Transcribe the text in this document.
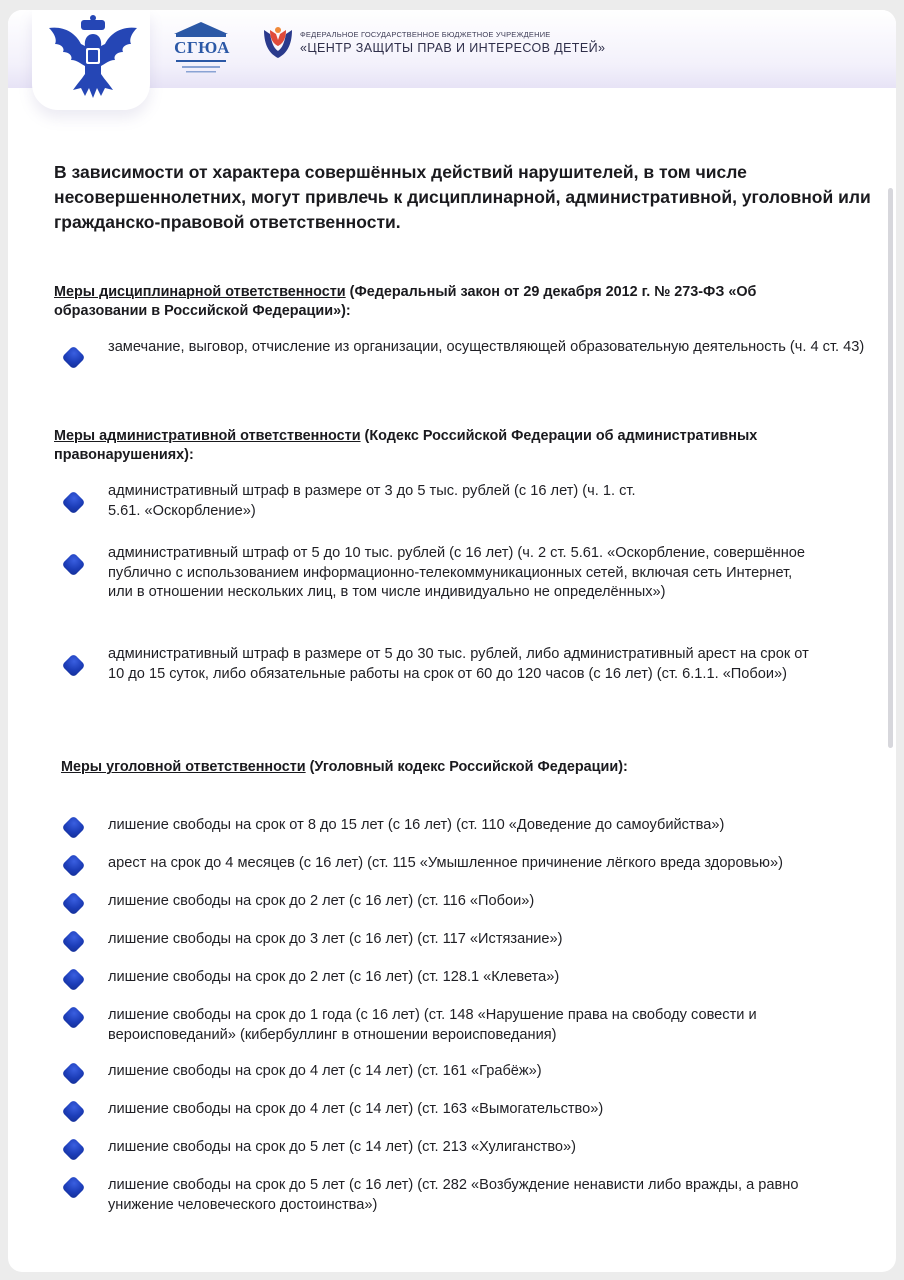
СГЮА
ФЕДЕРАЛЬНОЕ ГОСУДАРСТВЕННОЕ БЮДЖЕТНОЕ УЧРЕЖДЕНИЕ
«ЦЕНТР ЗАЩИТЫ ПРАВ И ИНТЕРЕСОВ ДЕТЕЙ»
В зависимости от характера совершённых действий нарушителей, в том числе несовершеннолетних, могут привлечь к дисциплинарной, административной, уголовной или гражданско-правовой ответственности.
Меры дисциплинарной ответственности (Федеральный закон от 29 декабря 2012 г. № 273-ФЗ «Об образовании в Российской Федерации»):
замечание, выговор, отчисление из организации, осуществляющей образовательную деятельность (ч. 4 ст. 43)
Меры административной ответственности (Кодекс Российской Федерации об административных правонарушениях):
административный штраф в размере от 3 до 5 тыс. рублей (с 16 лет) (ч. 1. ст. 5.61. «Оскорбление»)
административный штраф от 5 до 10 тыс. рублей (с 16 лет) (ч. 2 ст. 5.61. «Оскорбление, совершённое публично с использованием информационно-телекоммуникационных сетей, включая сеть Интернет, или в отношении нескольких лиц, в том числе индивидуально не определённых»)
административный штраф в размере от 5 до 30 тыс. рублей, либо административный арест на срок от 10 до 15 суток, либо обязательные работы на срок от 60 до 120 часов (с 16 лет) (ст. 6.1.1. «Побои»)
Меры уголовной ответственности (Уголовный кодекс Российской Федерации):
лишение свободы на срок от 8 до 15 лет (с 16 лет) (ст. 110 «Доведение до самоубийства»)
арест на срок до 4 месяцев (с 16 лет) (ст. 115 «Умышленное причинение лёгкого вреда здоровью»)
лишение свободы на срок до 2 лет (с 16 лет) (ст. 116 «Побои»)
лишение свободы на срок до 3 лет (с 16 лет) (ст. 117 «Истязание»)
лишение свободы на срок до 2 лет (с 16 лет) (ст. 128.1 «Клевета»)
лишение свободы на срок до 1 года (с 16 лет) (ст. 148 «Нарушение права на свободу совести и вероисповеданий» (кибербуллинг в отношении вероисповедания)
лишение свободы на срок до 4 лет (с 14 лет) (ст. 161 «Грабёж»)
лишение свободы на срок до 4 лет (с 14 лет) (ст. 163 «Вымогательство»)
лишение свободы на срок до 5 лет (с 14 лет) (ст. 213 «Хулиганство»)
лишение свободы на срок до 5 лет (с 16 лет) (ст. 282 «Возбуждение ненависти либо вражды, а равно унижение человеческого достоинства»)
